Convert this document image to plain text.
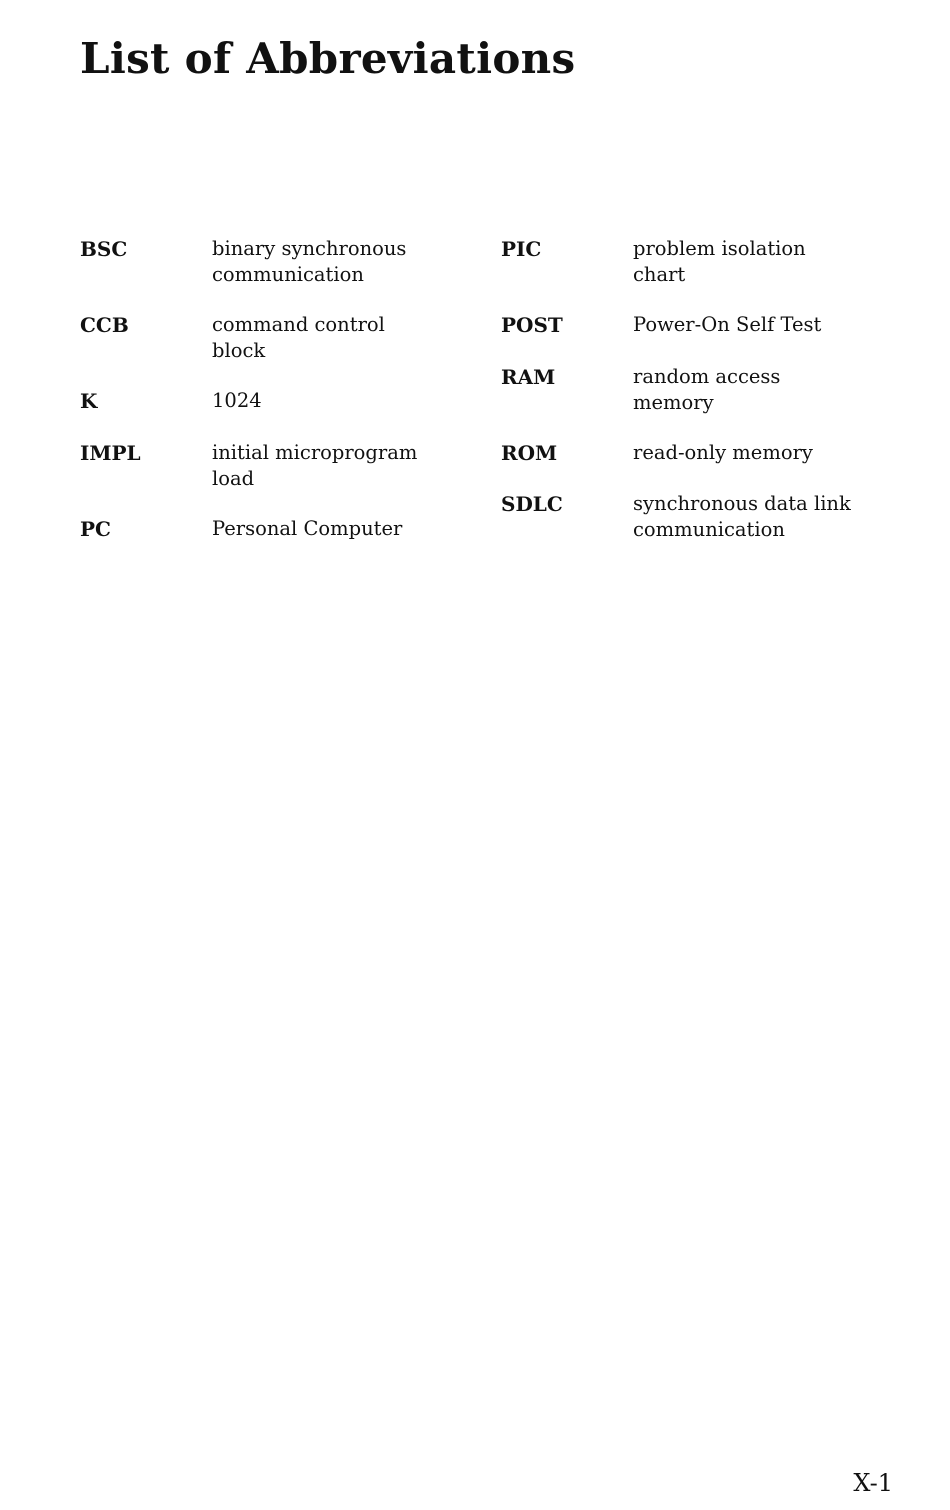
List of Abbreviations
BSC	binary synchronous
communication
CCB	command control
block
K	1024
IMPL	initial microprogram
load
PC	Personal Computer
PIC	problem isolation
chart
POST	Power-On Self Test
RAM	random access
memory
ROM	read-only memory
SDLC	synchronous data link
communication
X-1
